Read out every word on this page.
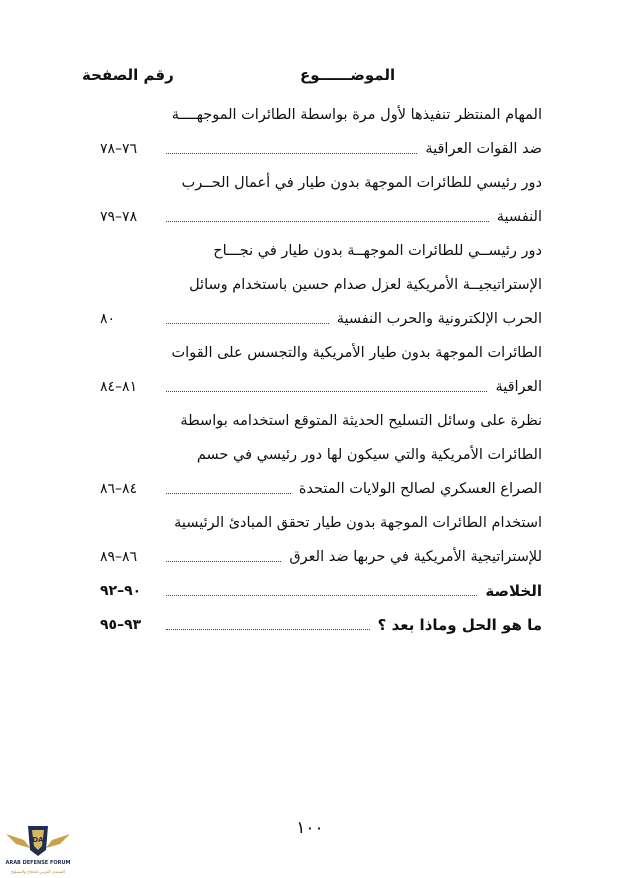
الموضــــــوع
رقم الصفحة
المهام المنتظر تنفيذها لأول مرة بواسطة الطائرات الموجهــــة
ضد القوات العراقية
٧٦–٧٨
دور رئيسي للطائرات الموجهة بدون طيار في أعمال الحــرب
النفسية
٧٨–٧٩
دور رئيســي للطائرات الموجهــة بدون طيار في نجـــاح
الإستراتيجيــة الأمريكية لعزل صدام حسين باستخدام وسائل
الحرب الإلكترونية والحرب النفسية
٨٠
الطائرات الموجهة بدون طيار الأمريكية والتجسس على القوات
العراقية
٨١–٨٤
نظرة على وسائل التسليح الحديثة المتوقع استخدامه بواسطة
الطائرات الأمريكية والتي سيكون لها دور رئيسي في حسم
الصراع العسكري لصالح الولايات المتحدة
٨٤–٨٦
استخدام الطائرات الموجهة بدون طيار تحقق المبادئ الرئيسية
للإستراتيجية الأمريكية في حربها ضد العرق
٨٦–٨٩
الخلاصة
٩٠–٩٢
ما هو الحل وماذا بعد ؟
٩٣–٩٥
١٠٠
DA
ARAB DEFENSE FORUM
المنتدى العربي للدفاع والتسليح
